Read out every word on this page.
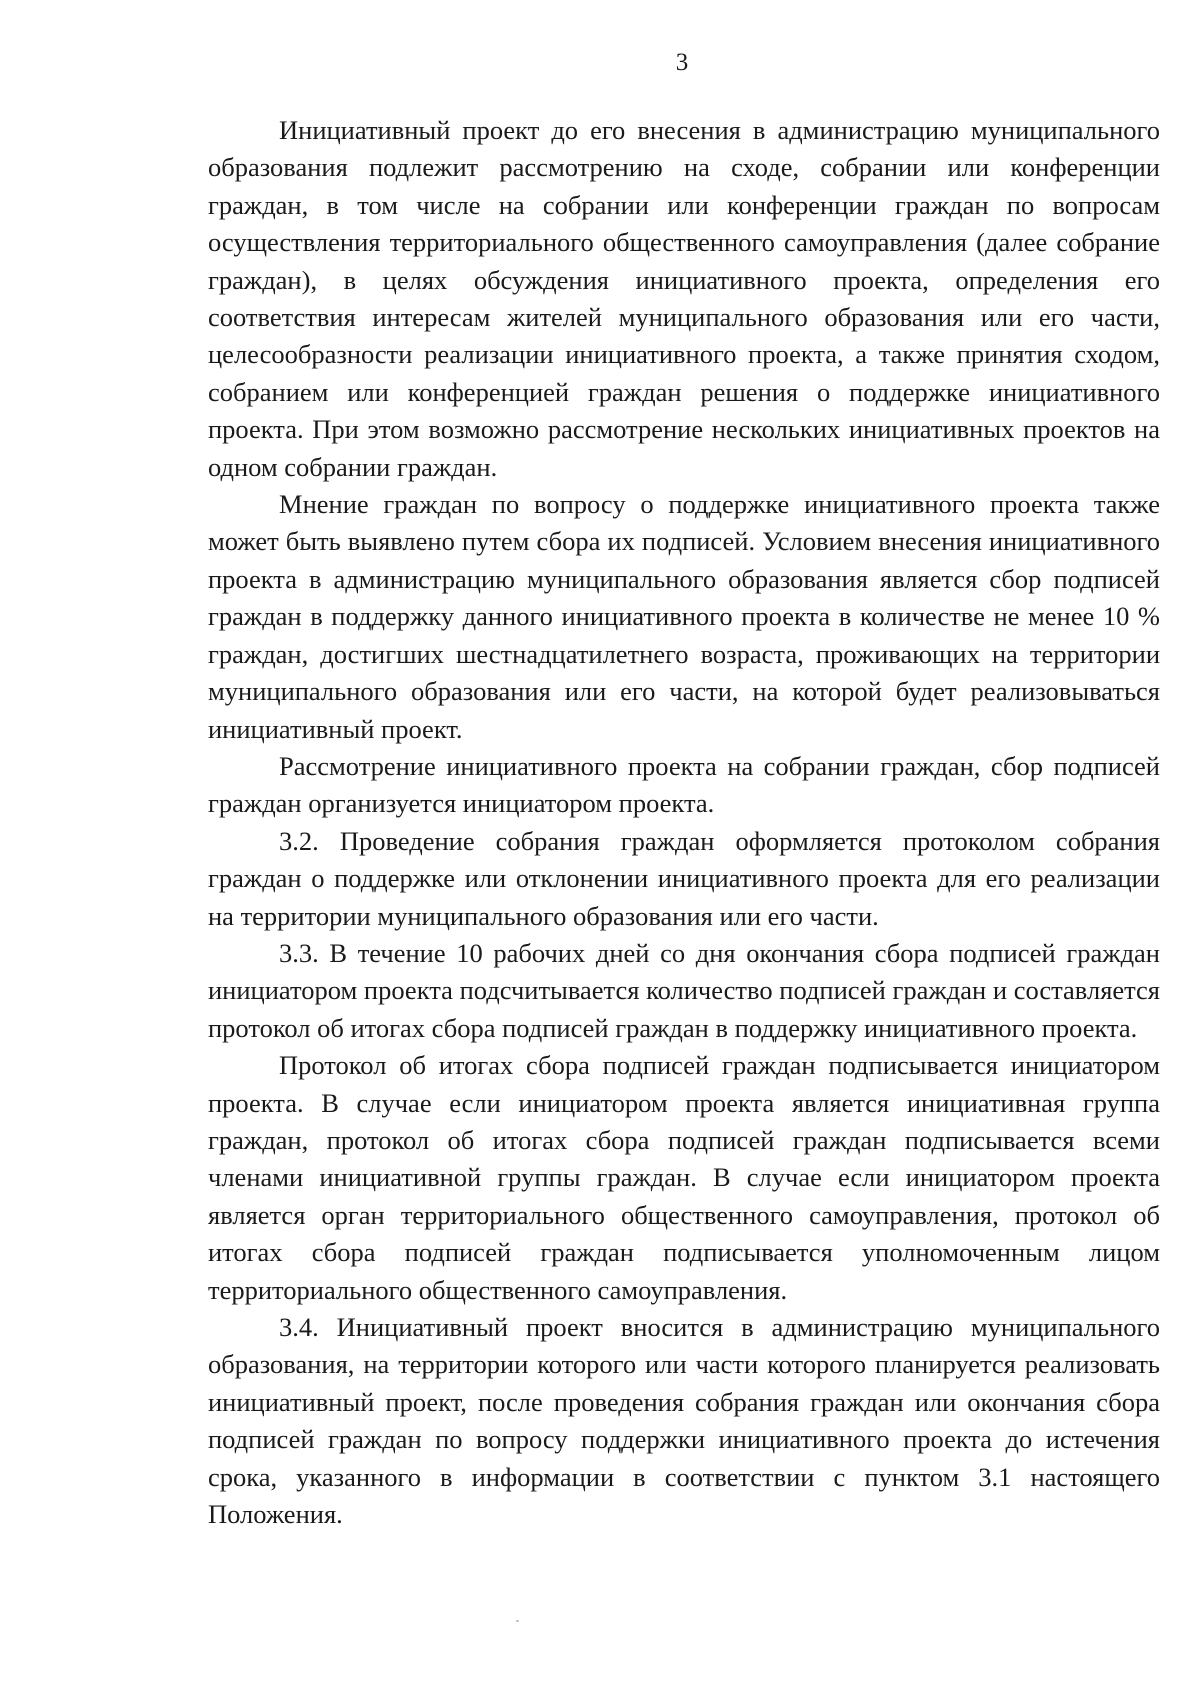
3

Инициативный проект до его внесения в администрацию муниципального образования подлежит рассмотрению на сходе, собрании или конференции граждан, в том числе на собрании или конференции граждан по вопросам осуществления территориального общественного самоуправления (далее собрание граждан), в целях обсуждения инициативного проекта, определения его соответствия интересам жителей муниципального образования или его части, целесообразности реализации инициативного проекта, а также принятия сходом, собранием или конференцией граждан решения о поддержке инициативного проекта. При этом возможно рассмотрение нескольких инициативных проектов на одном собрании граждан.

Мнение граждан по вопросу о поддержке инициативного проекта также может быть выявлено путем сбора их подписей. Условием внесения инициативного проекта в администрацию муниципального образования является сбор подписей граждан в поддержку данного инициативного проекта в количестве не менее 10 % граждан, достигших шестнадцатилетнего возраста, проживающих на территории муниципального образования или его части, на которой будет реализовываться инициативный проект.

Рассмотрение инициативного проекта на собрании граждан, сбор подписей граждан организуется инициатором проекта.

3.2. Проведение собрания граждан оформляется протоколом собрания граждан о поддержке или отклонении инициативного проекта для его реализации на территории муниципального образования или его части.

3.3. В течение 10 рабочих дней со дня окончания сбора подписей граждан инициатором проекта подсчитывается количество подписей граждан и составляется протокол об итогах сбора подписей граждан в поддержку инициативного проекта.

Протокол об итогах сбора подписей граждан подписывается инициатором проекта. В случае если инициатором проекта является инициативная группа граждан, протокол об итогах сбора подписей граждан подписывается всеми членами инициативной группы граждан. В случае если инициатором проекта является орган территориального общественного самоуправления, протокол об итогах сбора подписей граждан подписывается уполномоченным лицом территориального общественного самоуправления.

3.4. Инициативный проект вносится в администрацию муниципального образования, на территории которого или части которого планируется реализовать инициативный проект, после проведения собрания граждан или окончания сбора подписей граждан по вопросу поддержки инициативного проекта до истечения срока, указанного в информации в соответствии с пунктом 3.1 настоящего Положения.
